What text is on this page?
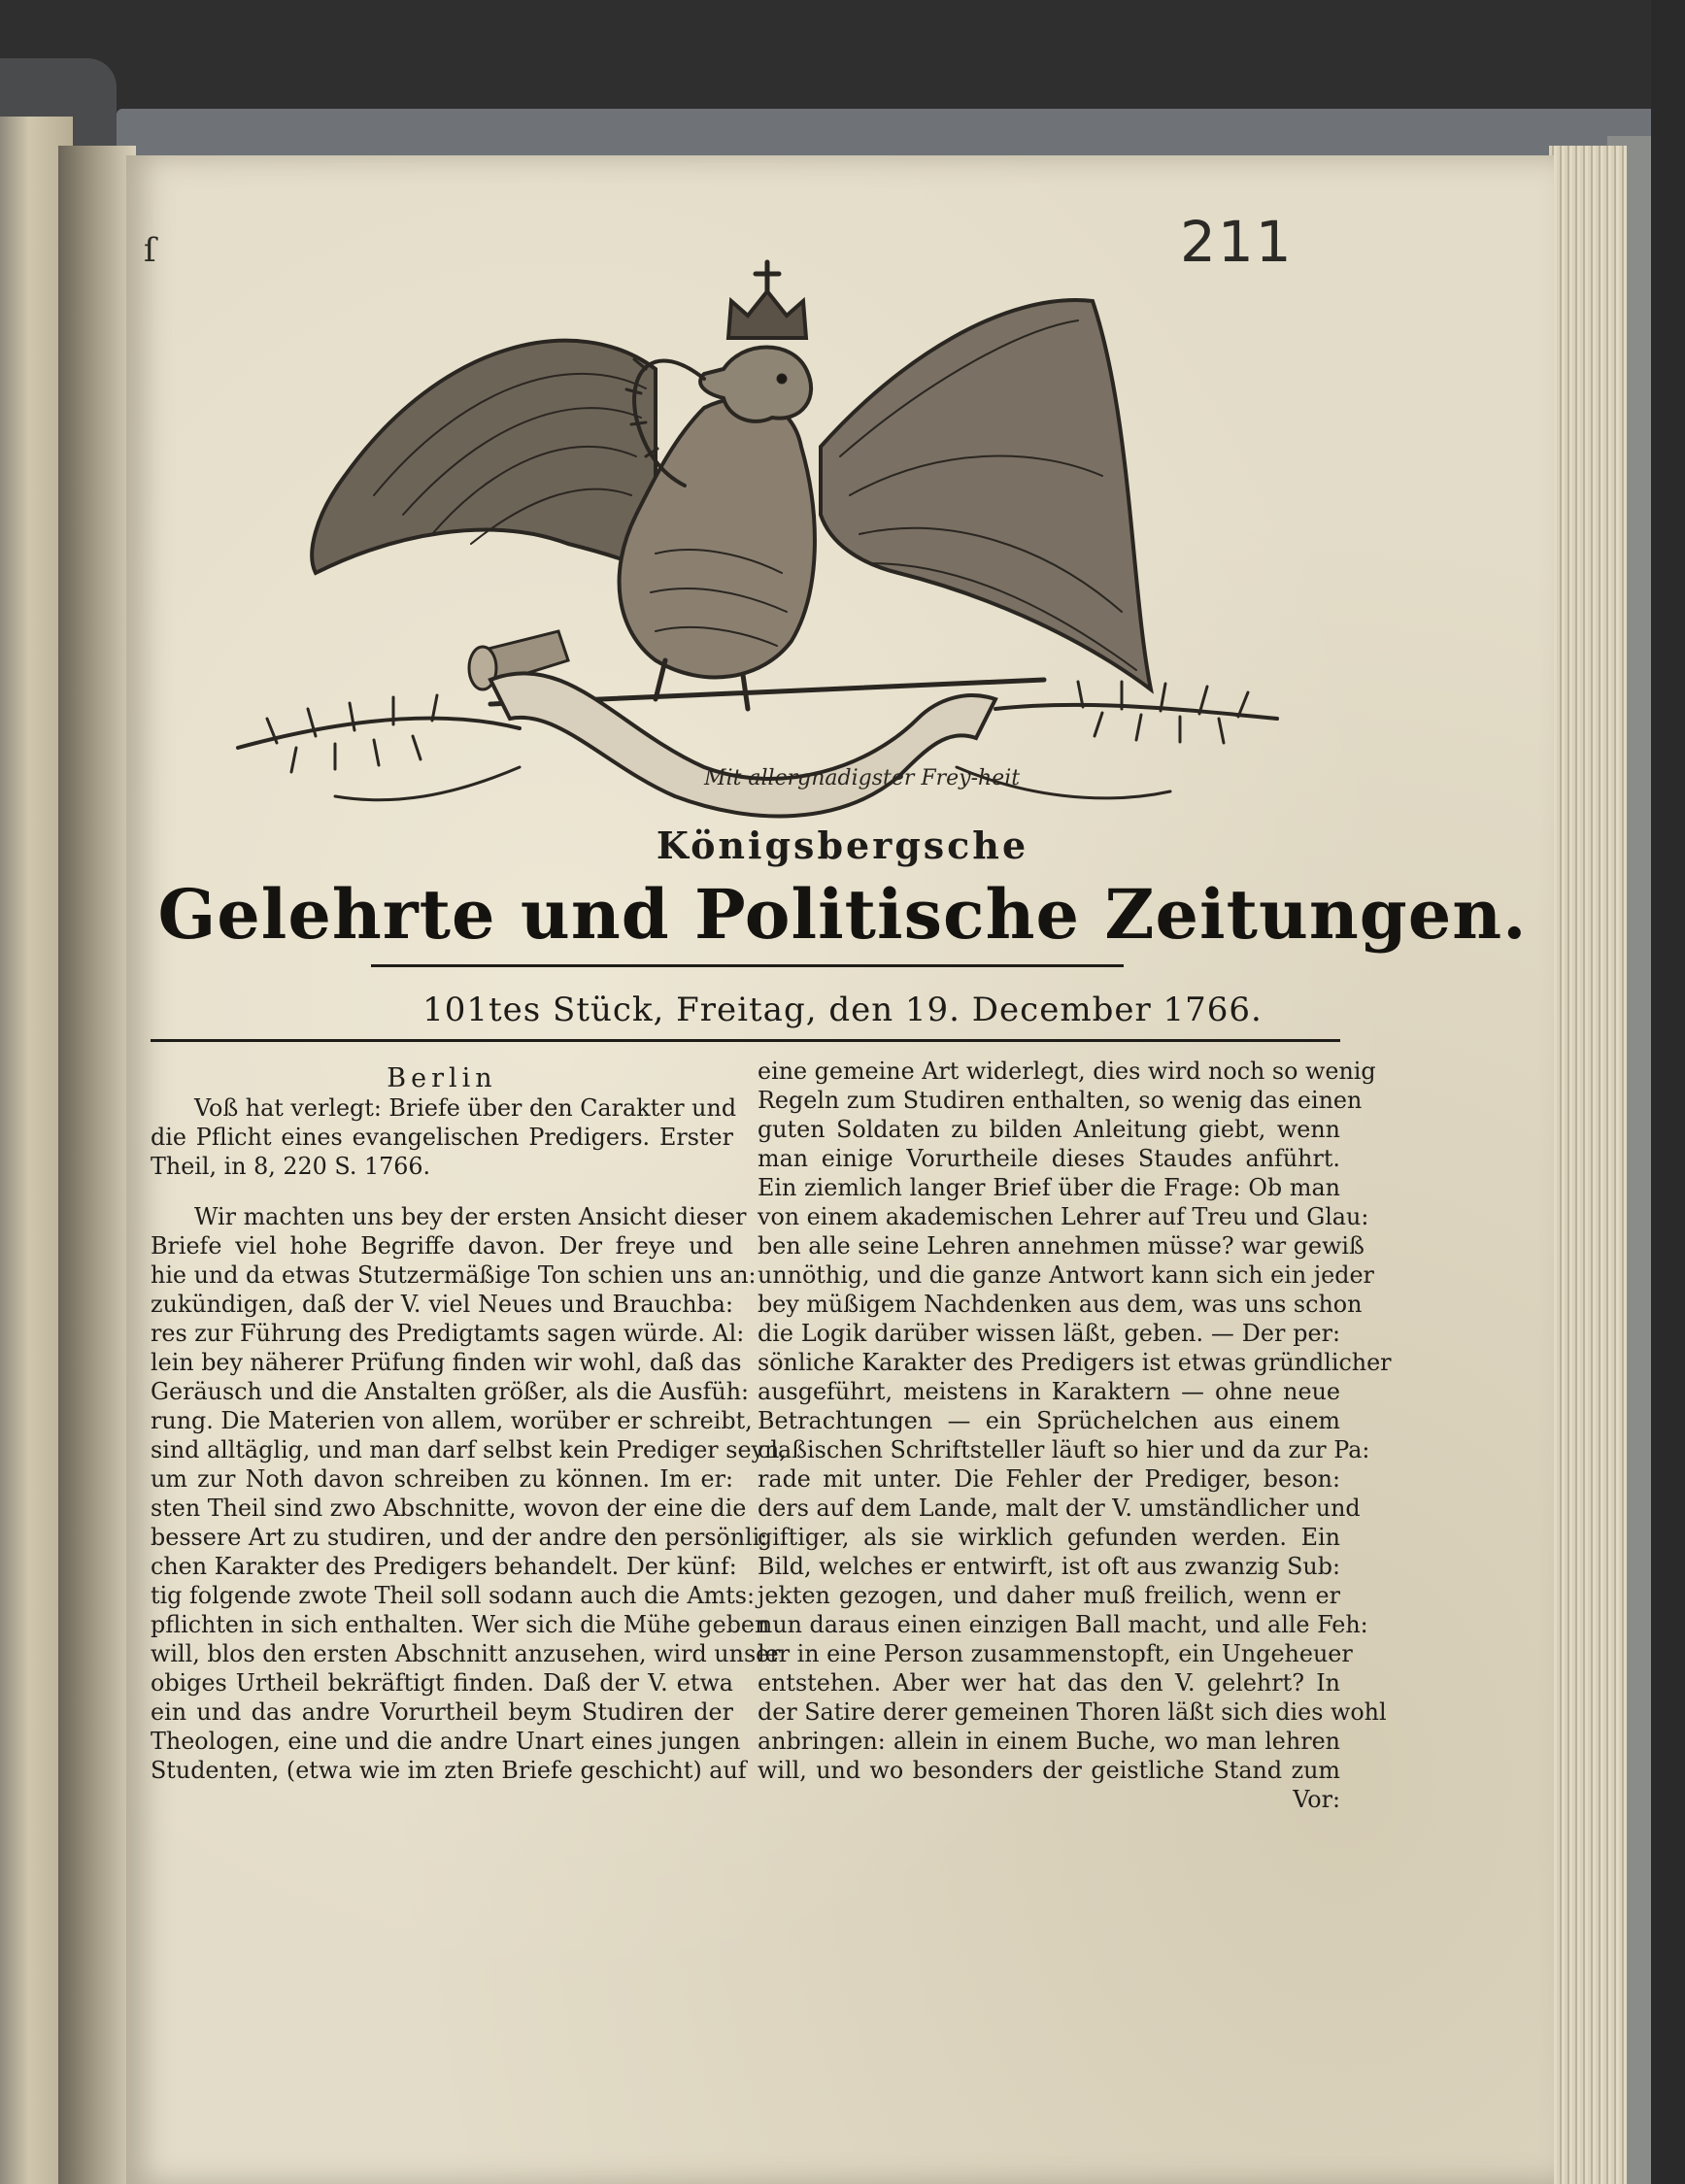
211
ſ
Mit allergnädigster Frey-heit
Königsbergsche
Gelehrte und Politische Zeitungen.
101tes Stück, Freitag, den 19. December 1766.

Berlin

Voß hat verlegt: Briefe über den Carakter und

die Pflicht eines evangelischen Predigers. Erster

Theil, in 8, 220 S. 1766.

Wir machten uns bey der ersten Ansicht dieser

Briefe viel hohe Begriffe davon. Der freye und

hie und da etwas Stutzermäßige Ton schien uns an:

zukündigen, daß der V. viel Neues und Brauchba:

res zur Führung des Predigtamts sagen würde. Al:

lein bey näherer Prüfung finden wir wohl, daß das

Geräusch und die Anstalten größer, als die Ausfüh:

rung. Die Materien von allem, worüber er schreibt,

sind alltäglig, und man darf selbst kein Prediger seyn,

um zur Noth davon schreiben zu können. Im er:

sten Theil sind zwo Abschnitte, wovon der eine die

bessere Art zu studiren, und der andre den persönli:

chen Karakter des Predigers behandelt. Der künf:

tig folgende zwote Theil soll sodann auch die Amts:

pflichten in sich enthalten. Wer sich die Mühe geben

will, blos den ersten Abschnitt anzusehen, wird unser

obiges Urtheil bekräftigt finden. Daß der V. etwa

ein und das andre Vorurtheil beym Studiren der

Theologen, eine und die andre Unart eines jungen

Studenten, (etwa wie im zten Briefe geschicht) auf

eine gemeine Art widerlegt, dies wird noch so wenig

Regeln zum Studiren enthalten, so wenig das einen

guten Soldaten zu bilden Anleitung giebt, wenn

man einige Vorurtheile dieses Staudes anführt.

Ein ziemlich langer Brief über die Frage: Ob man

von einem akademischen Lehrer auf Treu und Glau:

ben alle seine Lehren annehmen müsse? war gewiß

unnöthig, und die ganze Antwort kann sich ein jeder

bey müßigem Nachdenken aus dem, was uns schon

die Logik darüber wissen läßt, geben. — Der per:

sönliche Karakter des Predigers ist etwas gründlicher

ausgeführt, meistens in Karaktern — ohne neue

Betrachtungen — ein Sprüchelchen aus einem

claßischen Schriftsteller läuft so hier und da zur Pa:

rade mit unter. Die Fehler der Prediger, beson:

ders auf dem Lande, malt der V. umständlicher und

giftiger, als sie wirklich gefunden werden. Ein

Bild, welches er entwirft, ist oft aus zwanzig Sub:

jekten gezogen, und daher muß freilich, wenn er

nun daraus einen einzigen Ball macht, und alle Feh:

ler in eine Person zusammenstopft, ein Ungeheuer

entstehen. Aber wer hat das den V. gelehrt? In

der Satire derer gemeinen Thoren läßt sich dies wohl

anbringen: allein in einem Buche, wo man lehren

will, und wo besonders der geistliche Stand zum

Vor:
